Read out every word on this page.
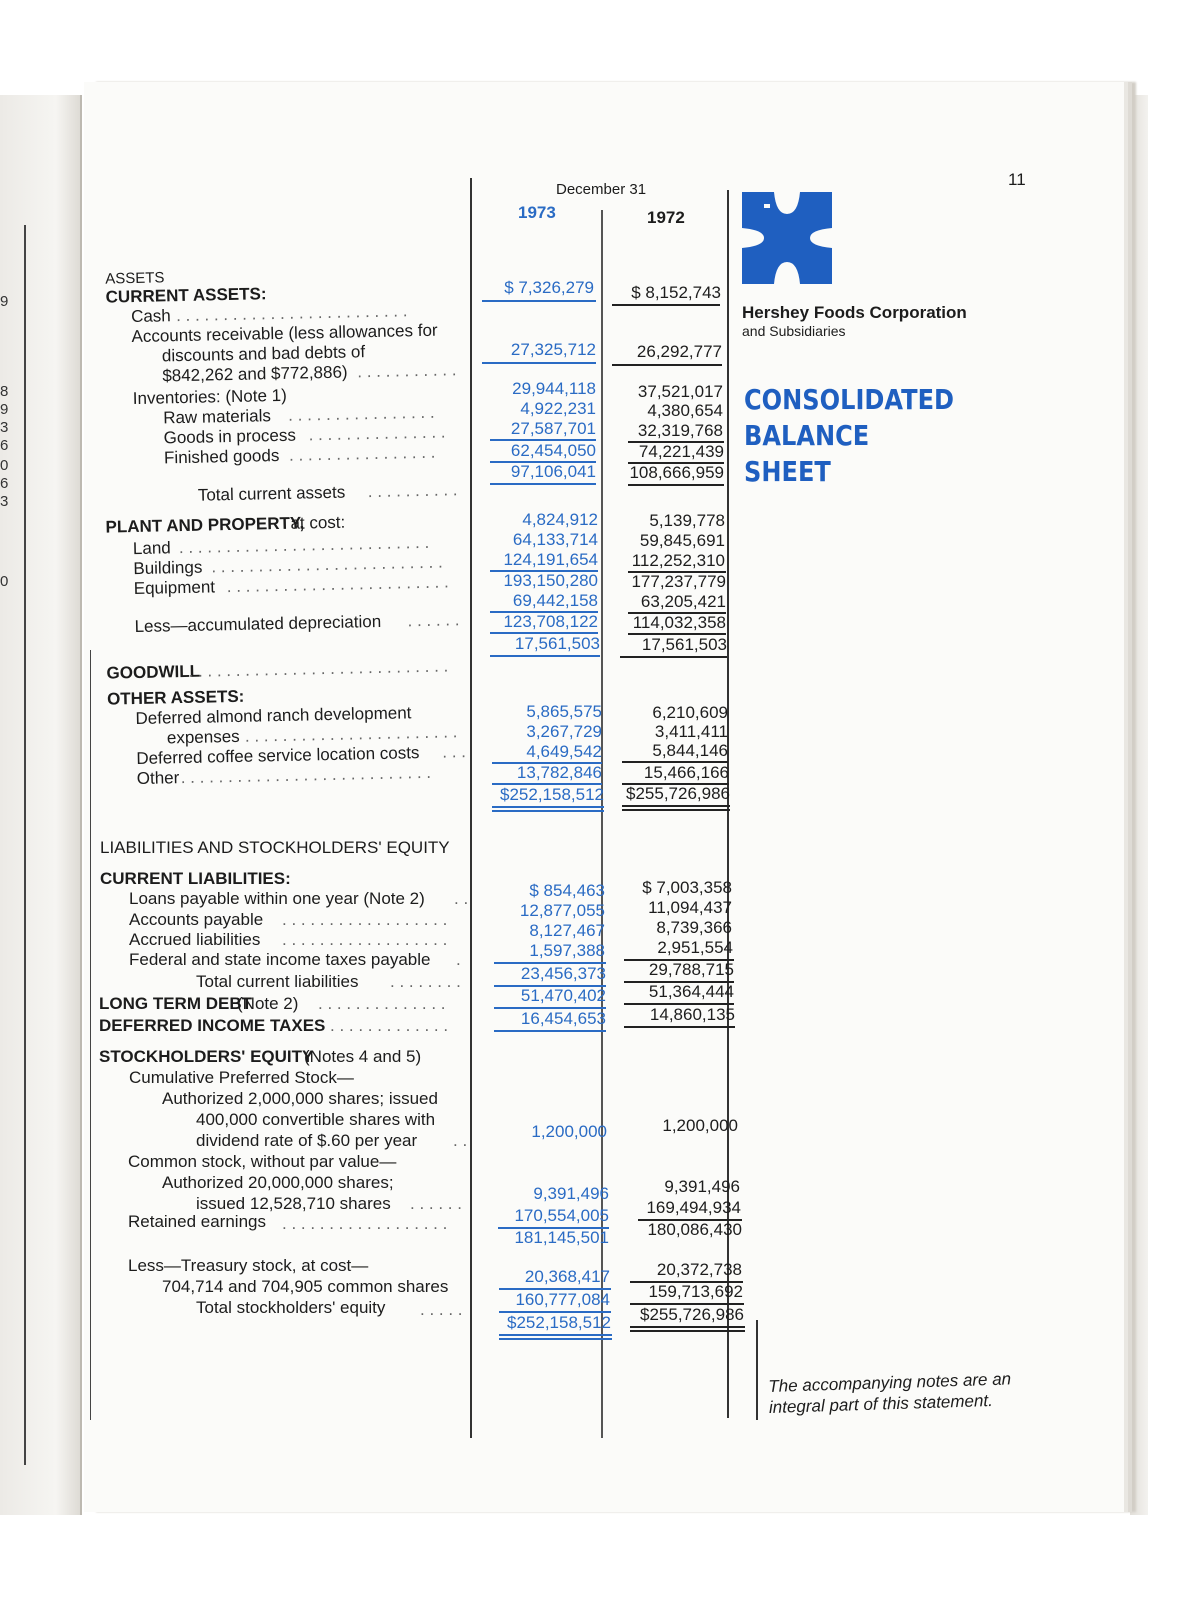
9
8
9
3
6
0
6
3
0
11
December 31
1973	1972
Hershey Foods Corporation
and Subsidiaries
CONSOLIDATED
BALANCE
SHEET
ASSETS
CURRENT ASSETS:
Cash . . . . . . . . . . . . . . . . . . . . . . . . .
Accounts receivable (less allowances for
discounts and bad debts of
$842,262 and $772,886) . . . . . . . . . . .
Inventories: (Note 1)
Raw materials . . . . . . . . . . . . . . . .
Goods in process . . . . . . . . . . . . . . .
Finished goods . . . . . . . . . . . . . . . .
Total current assets . . . . . . . . . .
PLANT AND PROPERTY,
at cost:
Land . . . . . . . . . . . . . . . . . . . . . . . . . . .
Buildings . . . . . . . . . . . . . . . . . . . . . . . . .
Equipment . . . . . . . . . . . . . . . . . . . . . . . .
Less—accumulated depreciation . . . . . .
GOODWILL
. . . . . . . . . . . . . . . . . . . . . . . . . . . .
OTHER ASSETS:
Deferred almond ranch development
expenses . . . . . . . . . . . . . . . . . . . . . . .
Deferred coffee service location costs . . .
Other . . . . . . . . . . . . . . . . . . . . . . . . . . .
$ 7,326,279
27,325,712
29,944,118
4,922,231
27,587,701
62,454,050
97,106,041
4,824,912
64,133,714
124,191,654
193,150,280
69,442,158
123,708,122
17,561,503
5,865,575
3,267,729
4,649,542
13,782,846
$252,158,512
$ 8,152,743
26,292,777
37,521,017
4,380,654
32,319,768
74,221,439
108,666,959
5,139,778
59,845,691
112,252,310
177,237,779
63,205,421
114,032,358
17,561,503
6,210,609
3,411,411
5,844,146
15,466,166
$255,726,986
LIABILITIES AND STOCKHOLDERS' EQUITY
CURRENT LIABILITIES:
Loans payable within one year (Note 2) . .
Accounts payable . . . . . . . . . . . . . . . . . .
Accrued liabilities . . . . . . . . . . . . . . . . . .
Federal and state income taxes payable .
Total current liabilities . . . . . . . .
LONG TERM DEBT
(Note 2) . . . . . . . . . . . . . .
DEFERRED INCOME TAXES . . . . . . . . . . . . .
STOCKHOLDERS' EQUITY
(Notes 4 and 5)
Cumulative Preferred Stock—
Authorized 2,000,000 shares; issued
400,000 convertible shares with
dividend rate of $.60 per year . .
Common stock, without par value—
Authorized 20,000,000 shares;
issued 12,528,710 shares . . . . . .
Retained earnings . . . . . . . . . . . . . . . . . .
Less—Treasury stock, at cost—
704,714 and 704,905 common shares
Total stockholders' equity . . . . .
$ 854,463
12,877,055
8,127,467
1,597,388
23,456,373
51,470,402
16,454,653
1,200,000
9,391,496
170,554,005
181,145,501
20,368,417
160,777,084
$252,158,512
$ 7,003,358
11,094,437
8,739,366
2,951,554
29,788,715
51,364,444
14,860,135
1,200,000
9,391,496
169,494,934
180,086,430
20,372,738
159,713,692
$255,726,986
The accompanying notes are an
integral part of this statement.
